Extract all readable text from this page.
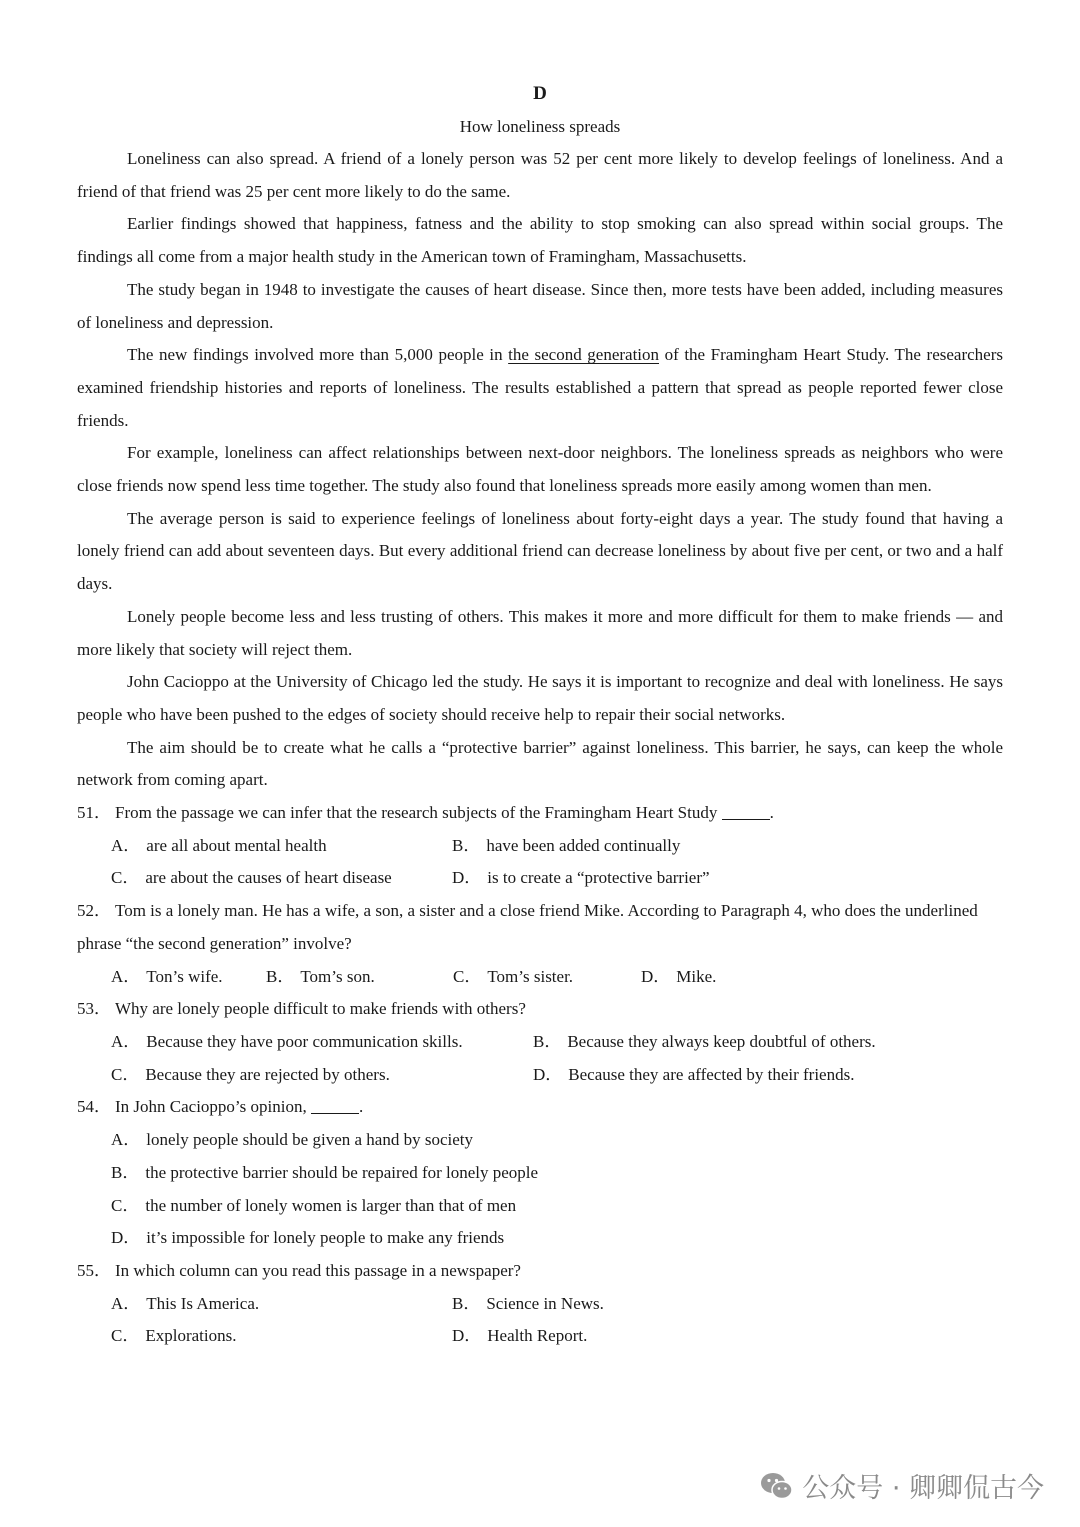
D
How loneliness spreads

Loneliness can also spread. A friend of a lonely person was 52 per cent more likely to develop feelings of loneliness. And a friend of that friend was 25 per cent more likely to do the same.

Earlier findings showed that happiness, fatness and the ability to stop smoking can also spread within social groups. The findings all come from a major health study in the American town of Framingham, Massachusetts.

The study began in 1948 to investigate the causes of heart disease. Since then, more tests have been added, including measures of loneliness and depression.

The new findings involved more than 5,000 people in the second generation of the Framingham Heart Study. The researchers examined friendship histories and reports of loneliness. The results established a pattern that spread as people reported fewer close friends.

For example, loneliness can affect relationships between next-door neighbors. The loneliness spreads as neighbors who were close friends now spend less time together. The study also found that loneliness spreads more easily among women than men.

The average person is said to experience feelings of loneliness about forty-eight days a year. The study found that having a lonely friend can add about seventeen days. But every additional friend can decrease loneliness by about five per cent, or two and a half days.

Lonely people become less and less trusting of others. This makes it more and more difficult for them to make friends — and more likely that society will reject them.

John Cacioppo at the University of Chicago led the study. He says it is important to recognize and deal with loneliness. He says people who have been pushed to the edges of society should receive help to repair their social networks.

The aim should be to create what he calls a “protective barrier” against loneliness. This barrier, he says, can keep the whole network from coming apart.

51． From the passage we can infer that the research subjects of the Framingham Heart Study	.

A． are all about mental health	B． have been added continually
C． are about the causes of heart disease	D． is to create a “protective barrier”

52． Tom is a lonely man. He has a wife, a son, a sister and a close friend Mike. According to Paragraph 4, who does the underlined phrase “the second generation” involve?

A． Ton’s wife.	B． Tom’s son.	C． Tom’s sister.	D． Mike.

53． Why are lonely people difficult to make friends with others?

A． Because they have poor communication skills.	B． Because they always keep doubtful of others.
C． Because they are rejected by others.	D． Because they are affected by their friends.

54． In John Cacioppo’s opinion,	.

A． lonely people should be given a hand by society
B． the protective barrier should be repaired for lonely people
C． the number of lonely women is larger than that of men
D． it’s impossible for lonely people to make any friends

55． In which column can you read this passage in a newspaper?

A． This Is America.	B． Science in News.
C． Explorations.	D． Health Report.
公众号 · 卿卿侃古今
